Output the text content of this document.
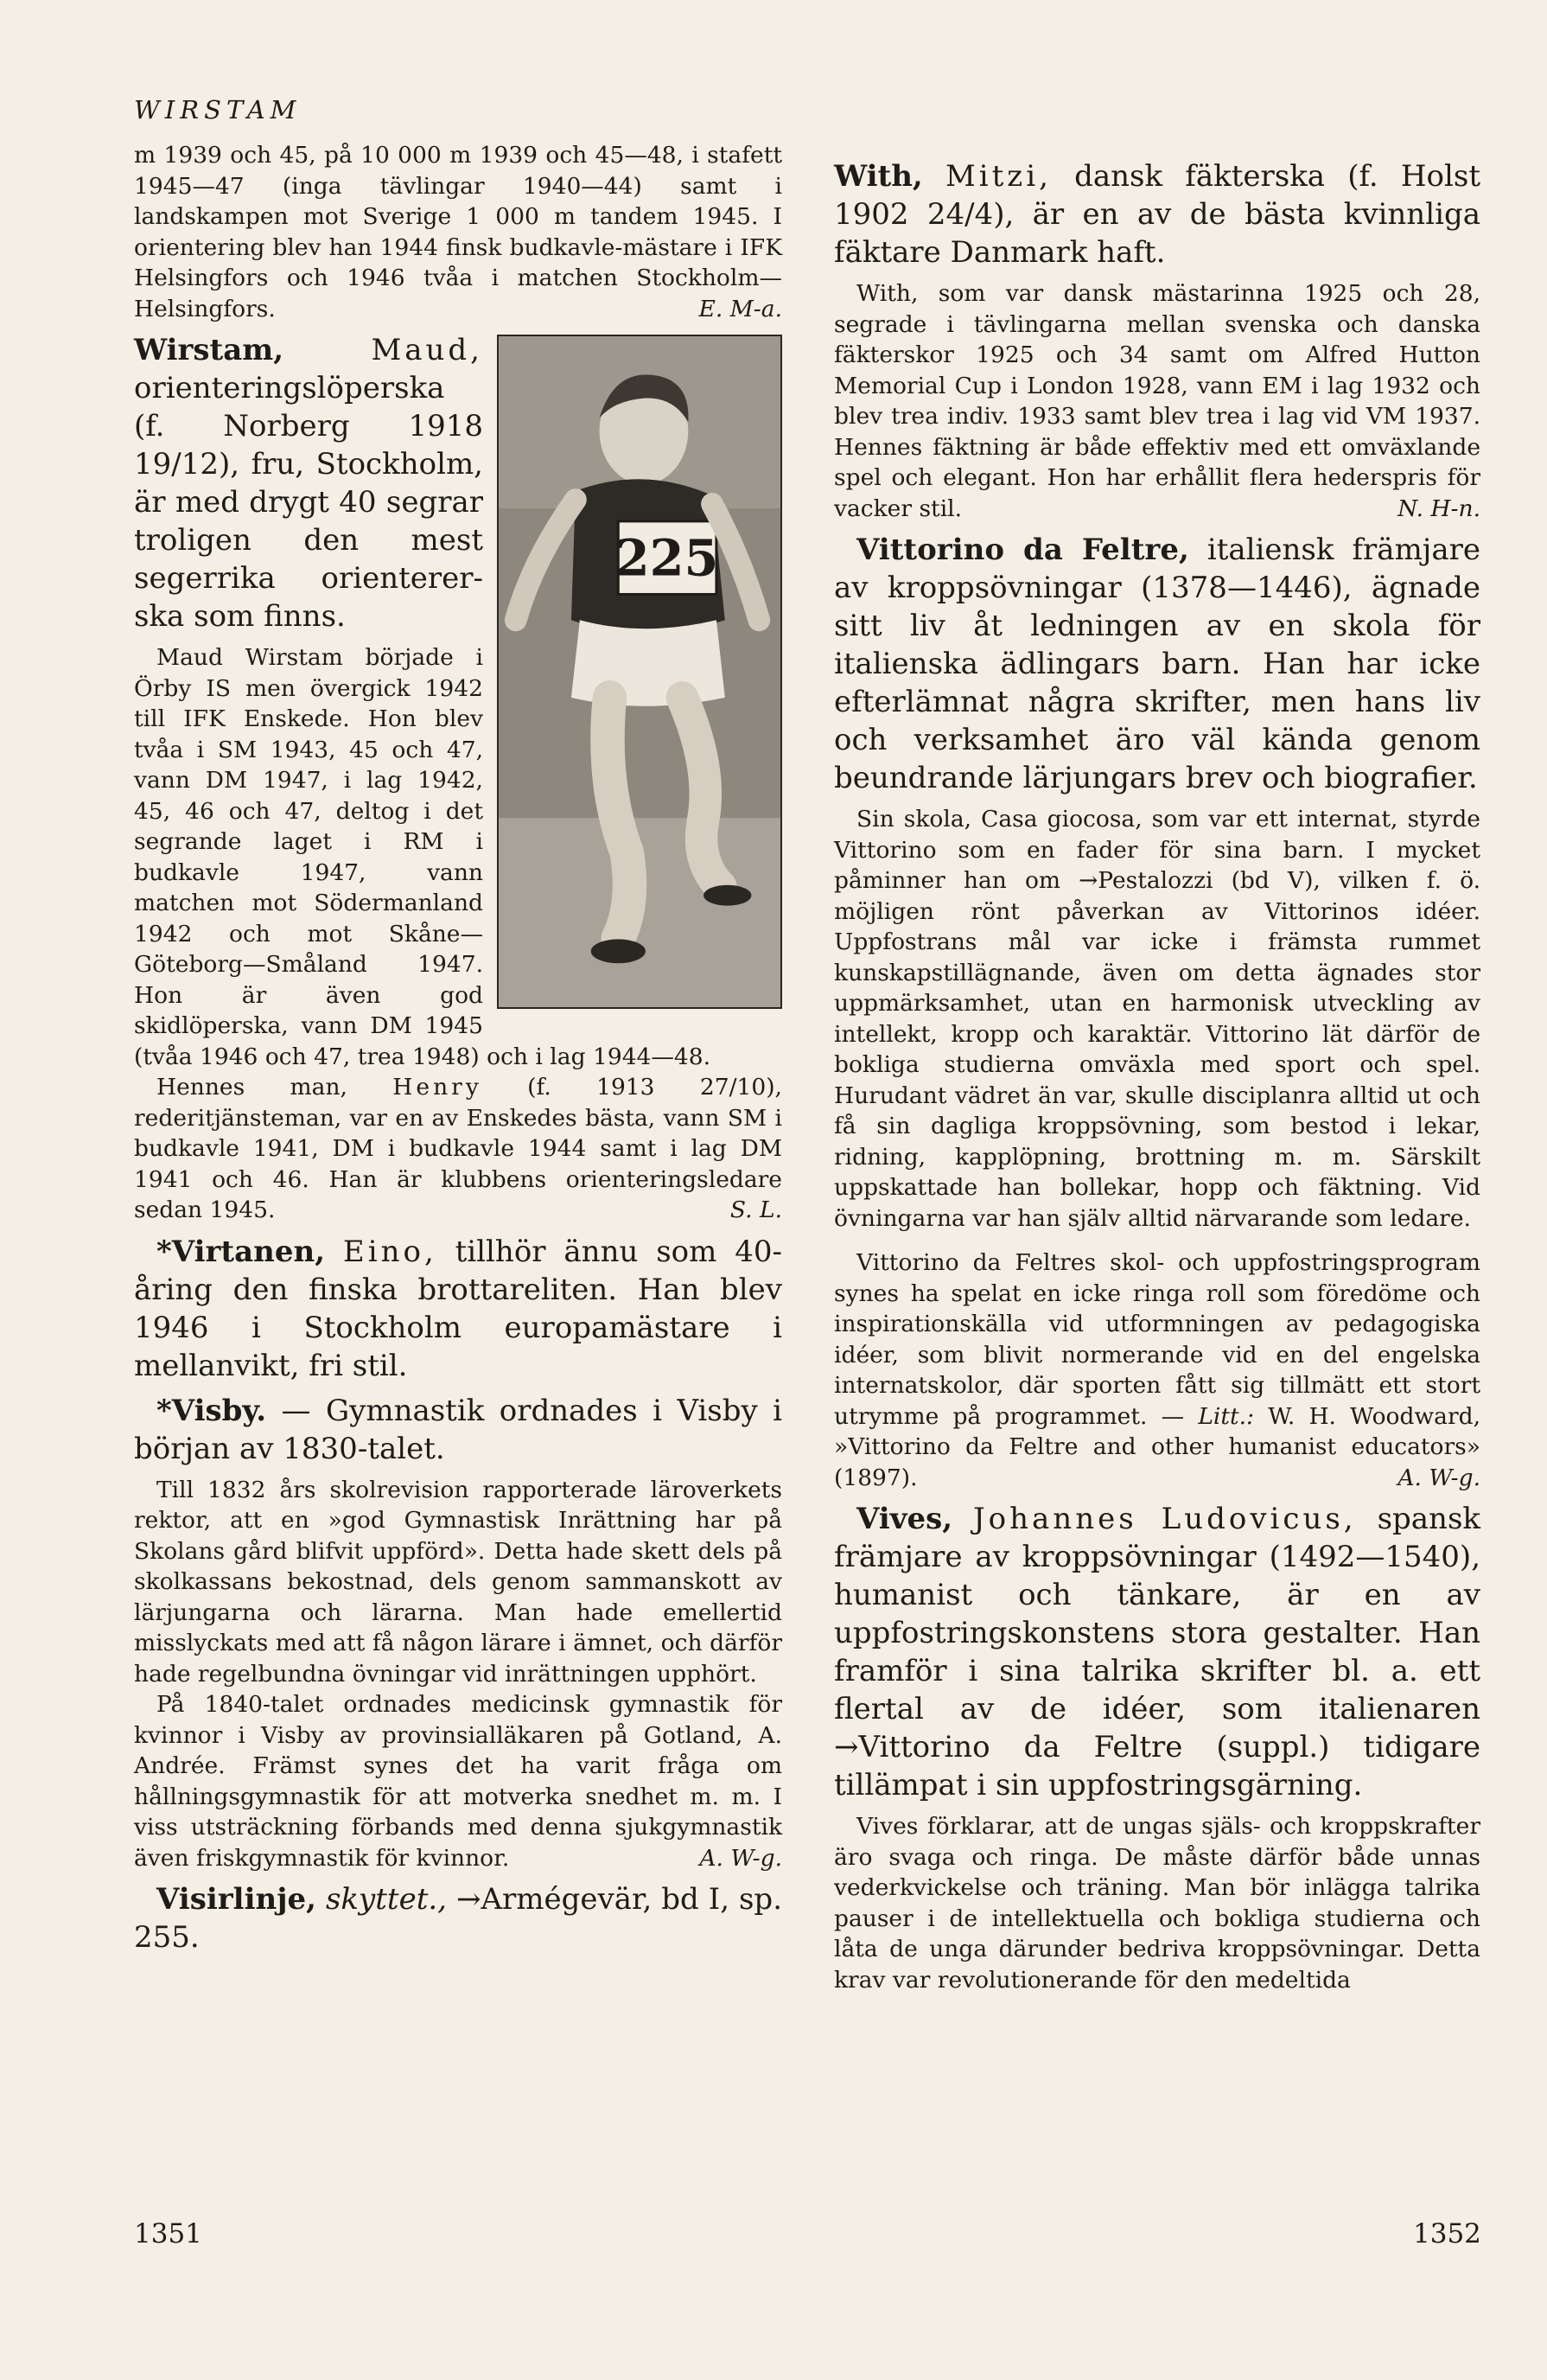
WIRSTAM

m 1939 och 45, på 10 000 m 1939 och 45—48, i stafett 1945—47 (inga tävlingar 1940—44) samt i landskampen mot Sverige 1 000 m tandem 1945. I orientering blev han 1944 finsk budkavle-mästare i IFK Helsingfors och 1946 tvåa i matchen Stockholm—Helsingfors.	E. M-a.

225

Wirstam,	Maud, orienteringslöperska (f. Norberg 1918 19/12), fru, Stockholm, är med drygt 40 segrar troligen den mest segerrika orienterer-ska som finns.

Maud Wirstam började i Örby IS men övergick 1942 till IFK Enskede. Hon blev tvåa i SM 1943, 45 och 47, vann DM 1947, i lag 1942, 45, 46 och 47, deltog i det segrande laget i RM i budkavle 1947, vann matchen mot Södermanland 1942 och mot Skåne—Göteborg—Småland 1947. Hon är även god skidlöperska, vann DM 1945 (tvåa 1946 och 47, trea 1948) och i lag 1944—48.

Hennes man, Henry (f. 1913 27/10), rederitjänsteman, var en av Enskedes bästa, vann SM i budkavle 1941, DM i budkavle 1944 samt i lag DM 1941 och 46. Han är klubbens orienteringsledare sedan 1945.	S. L.

*Virtanen, Eino, tillhör ännu som 40-åring den finska brottareliten. Han blev 1946 i Stockholm europamästare i mellanvikt, fri stil.

*Visby. — Gymnastik ordnades i Visby i början av 1830-talet.

Till 1832 års skolrevision rapporterade läroverkets rektor, att en »god Gymnastisk Inrättning har på Skolans gård blifvit uppförd». Detta hade skett dels på skolkassans bekostnad, dels genom sammanskott av lärjungarna och lärarna. Man hade emellertid misslyckats med att få någon lärare i ämnet, och därför hade regelbundna övningar vid inrättningen upphört.

På 1840-talet ordnades medicinsk gymnastik för kvinnor i Visby av provinsialläkaren på Gotland, A. Andrée. Främst synes det ha varit fråga om hållningsgymnastik för att motverka snedhet m. m. I viss utsträckning förbands med denna sjukgymnastik även friskgymnastik för kvinnor.	A. W-g.

Visirlinje, skyttet., →Armégevär, bd I, sp. 255.

With, Mitzi, dansk fäkterska (f. Holst 1902 24/4), är en av de bästa kvinnliga fäktare Danmark haft.

With, som var dansk mästarinna 1925 och 28, segrade i tävlingarna mellan svenska och danska fäkterskor 1925 och 34 samt om Alfred Hutton Memorial Cup i London 1928, vann EM i lag 1932 och blev trea indiv. 1933 samt blev trea i lag vid VM 1937. Hennes fäktning är både effektiv med ett omväxlande spel och elegant. Hon har erhållit flera hederspris för vacker stil.	N. H-n.

Vittorino da Feltre, italiensk främjare av kroppsövningar (1378—1446), ägnade sitt liv åt ledningen av en skola för italienska ädlingars barn. Han har icke efterlämnat några skrifter, men hans liv och verksamhet äro väl kända genom beundrande lärjungars brev och biografier.

Sin skola, Casa giocosa, som var ett internat, styrde Vittorino som en fader för sina barn. I mycket påminner han om →Pestalozzi (bd V), vilken f. ö. möjligen rönt påverkan av Vittorinos idéer. Uppfostrans mål var icke i främsta rummet kunskapstillägnande, även om detta ägnades stor uppmärksamhet, utan en harmonisk utveckling av intellekt, kropp och karaktär. Vittorino lät därför de bokliga studierna omväxla med sport och spel. Hurudant vädret än var, skulle disciplanra alltid ut och få sin dagliga kroppsövning, som bestod i lekar, ridning, kapplöpning, brottning m. m. Särskilt uppskattade han bollekar, hopp och fäktning. Vid övningarna var han själv alltid närvarande som ledare.

Vittorino da Feltres skol- och uppfostringsprogram synes ha spelat en icke ringa roll som föredöme och inspirationskälla vid utformningen av pedagogiska idéer, som blivit normerande vid en del engelska internatskolor, där sporten fått sig tillmätt ett stort utrymme på programmet. — Litt.: W. H. Woodward, »Vittorino da Feltre and other humanist educators» (1897).	A. W-g.

Vives, Johannes Ludovicus, spansk främjare av kroppsövningar (1492—1540), humanist och tänkare, är en av uppfostringskonstens stora gestalter. Han framför i sina talrika skrifter bl. a. ett flertal av de idéer, som italienaren →Vittorino da Feltre (suppl.) tidigare tillämpat i sin uppfostringsgärning.

Vives förklarar, att de ungas själs- och kroppskrafter äro svaga och ringa. De måste därför både unnas vederkvickelse och träning. Man bör inlägga talrika pauser i de intellektuella och bokliga studierna och låta de unga därunder bedriva kroppsövningar. Detta krav var revolutionerande för den medeltida

1351	1352
